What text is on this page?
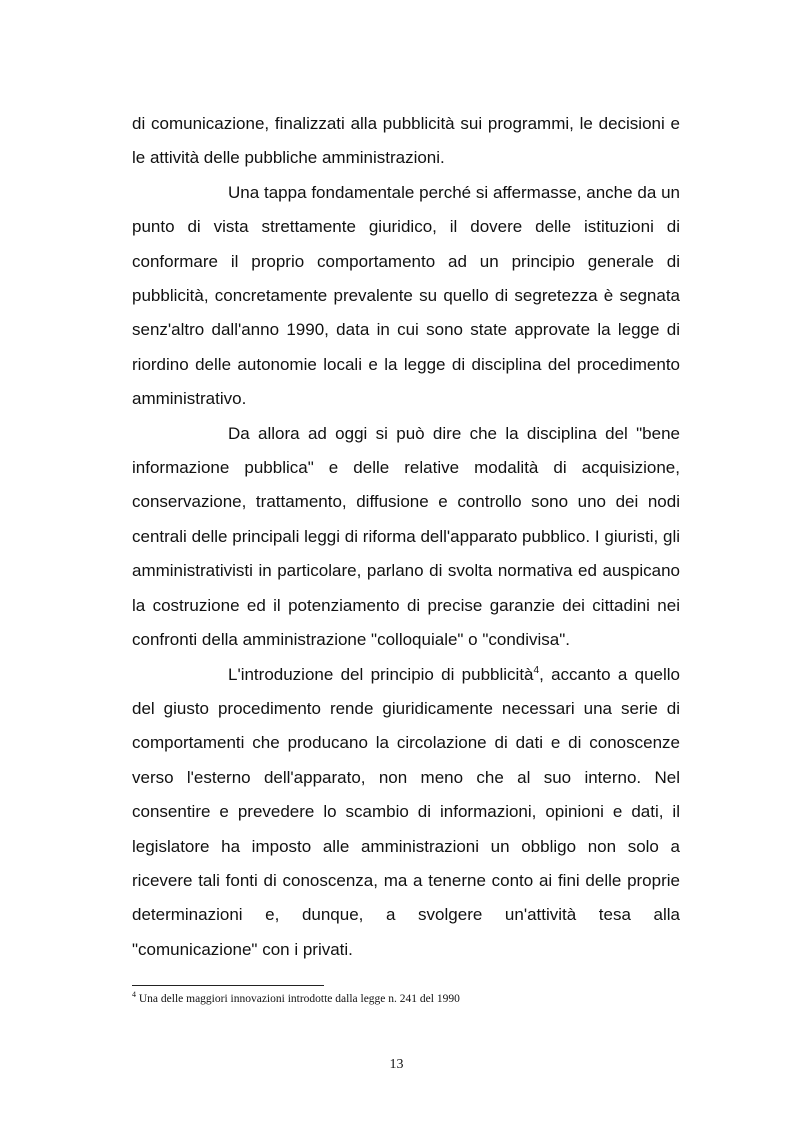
di comunicazione, finalizzati alla pubblicità sui programmi, le decisioni e le attività delle pubbliche amministrazioni.

Una tappa fondamentale perché si affermasse, anche da un punto di vista strettamente giuridico, il dovere delle istituzioni di conformare il proprio comportamento ad un principio generale di pubblicità, concretamente prevalente su quello di segretezza è segnata senz'altro dall'anno 1990, data in cui sono state approvate la legge di riordino delle autonomie locali e la legge di disciplina del procedimento amministrativo.

Da allora ad oggi si può dire che la disciplina del "bene informazione pubblica" e delle relative modalità di acquisizione, conservazione, trattamento, diffusione e controllo sono uno dei nodi centrali delle principali leggi di riforma dell'apparato pubblico. I giuristi, gli amministrativisti in particolare, parlano di svolta normativa ed auspicano la costruzione ed il potenziamento di precise garanzie dei cittadini nei confronti della amministrazione "colloquiale" o "condivisa".

L'introduzione del principio di pubblicità$^4$, accanto a quello del giusto procedimento rende giuridicamente necessari una serie di comportamenti che producano la circolazione di dati e di conoscenze verso l'esterno dell'apparato, non meno che al suo interno. Nel consentire e prevedere lo scambio di informazioni, opinioni e dati, il legislatore ha imposto alle amministrazioni un obbligo non solo a ricevere tali fonti di conoscenza, ma a tenerne conto ai fini delle proprie determinazioni e, dunque, a svolgere un'attività tesa alla "comunicazione" con i privati.

$^4$ Una delle maggiori innovazioni introdotte dalla legge n. 241 del 1990
13
